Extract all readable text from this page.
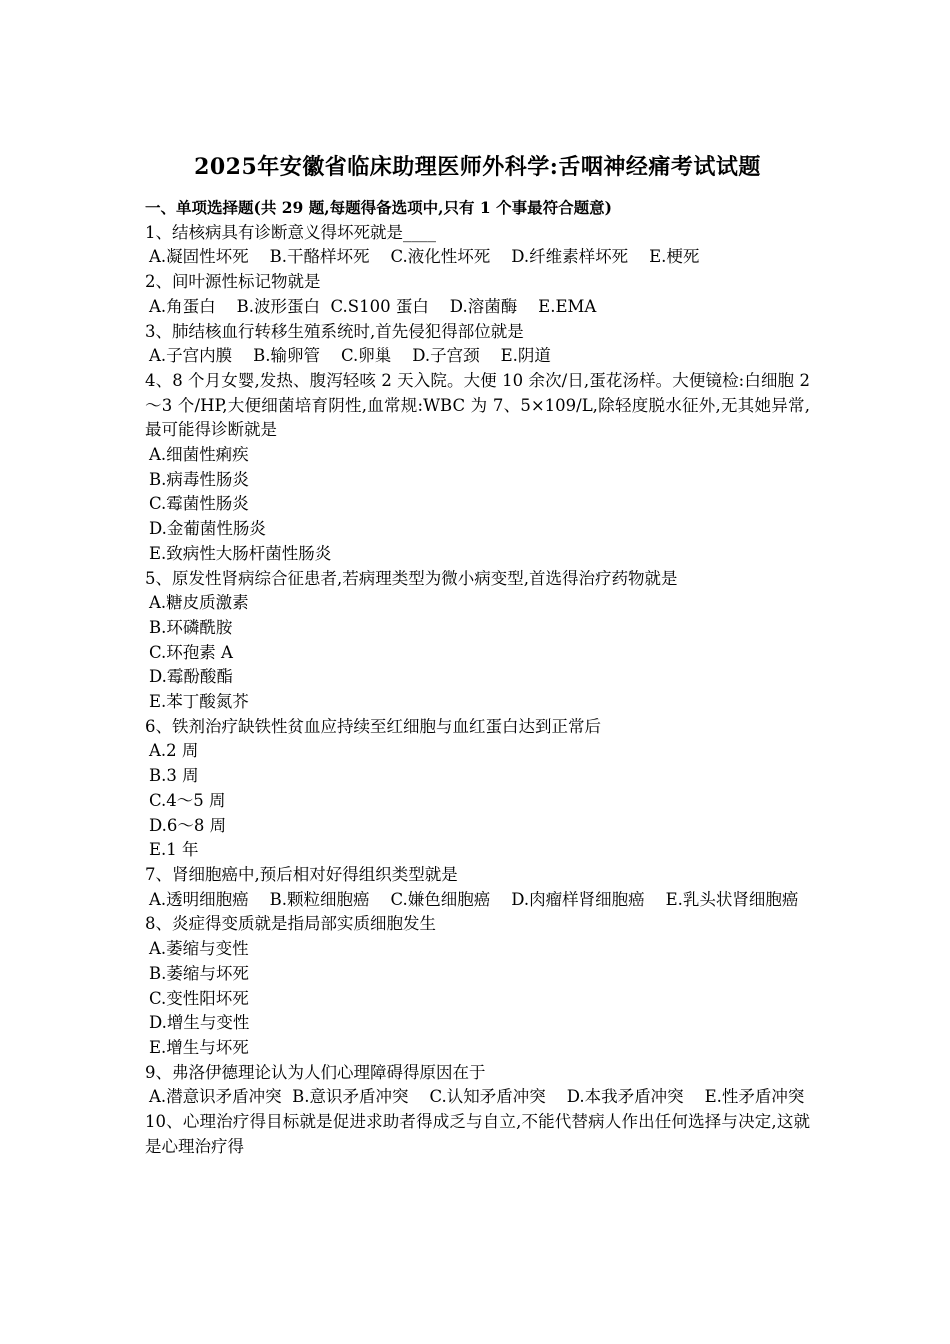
2025年安徽省临床助理医师外科学:舌咽神经痛考试试题
一、单项选择题(共 29 题,每题得备选项中,只有 1 个事最符合题意)
1、结核病具有诊断意义得坏死就是____
A.凝固性坏死    B.干酪样坏死    C.液化性坏死    D.纤维素样坏死    E.梗死
2、间叶源性标记物就是
A.角蛋白    B.波形蛋白  C.S100 蛋白    D.溶菌酶    E.EMA
3、肺结核血行转移生殖系统时,首先侵犯得部位就是
A.子宫内膜    B.输卵管    C.卵巢    D.子宫颈    E.阴道
4、8 个月女婴,发热、腹泻轻咳 2 天入院。大便 10 余次/日,蛋花汤样。大便镜检:白细胞 2～3 个/HP,大便细菌培育阴性,血常规:WBC 为 7、5×109/L,除轻度脱水征外,无其她异常,最可能得诊断就是
A.细菌性痢疾
B.病毒性肠炎
C.霉菌性肠炎
D.金葡菌性肠炎
E.致病性大肠杆菌性肠炎
5、原发性肾病综合征患者,若病理类型为微小病变型,首选得治疗药物就是
A.糖皮质激素
B.环磷酰胺
C.环孢素 A
D.霉酚酸酯
E.苯丁酸氮芥
6、铁剂治疗缺铁性贫血应持续至红细胞与血红蛋白达到正常后
A.2 周
B.3 周
C.4～5 周
D.6～8 周
E.1 年
7、肾细胞癌中,预后相对好得组织类型就是
A.透明细胞癌    B.颗粒细胞癌    C.嫌色细胞癌    D.肉瘤样肾细胞癌    E.乳头状肾细胞癌
8、炎症得变质就是指局部实质细胞发生
A.萎缩与变性
B.萎缩与坏死
C.变性阳坏死
D.增生与变性
E.增生与坏死
9、弗洛伊德理论认为人们心理障碍得原因在于
A.潜意识矛盾冲突  B.意识矛盾冲突    C.认知矛盾冲突    D.本我矛盾冲突    E.性矛盾冲突
10、心理治疗得目标就是促进求助者得成乏与自立,不能代替病人作出任何选择与决定,这就是心理治疗得
